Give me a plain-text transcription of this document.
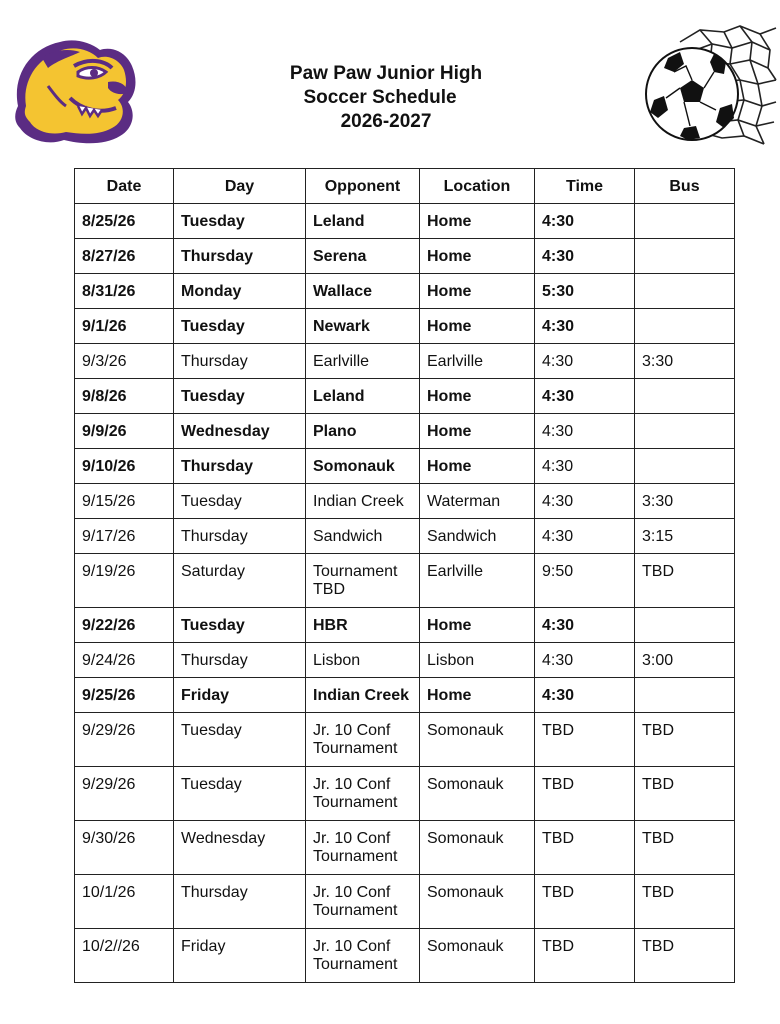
Paw Paw Junior High
Soccer Schedule
2026-2027
Date	Day	Opponent	Location	Time	Bus
8/25/26	Tuesday	Leland	Home	4:30	
8/27/26	Thursday	Serena	Home	4:30	
8/31/26	Monday	Wallace	Home	5:30	
9/1/26	Tuesday	Newark	Home	4:30	
9/3/26	Thursday	Earlville	Earlville	4:30	3:30
9/8/26	Tuesday	Leland	Home	4:30	
9/9/26	Wednesday	Plano	Home	4:30	
9/10/26	Thursday	Somonauk	Home	4:30	
9/15/26	Tuesday	Indian Creek	Waterman	4:30	3:30
9/17/26	Thursday	Sandwich	Sandwich	4:30	3:15
9/19/26	Saturday	Tournament TBD	Earlville	9:50	TBD
9/22/26	Tuesday	HBR	Home	4:30	
9/24/26	Thursday	Lisbon	Lisbon	4:30	3:00
9/25/26	Friday	Indian Creek	Home	4:30	
9/29/26	Tuesday	Jr. 10 Conf Tournament	Somonauk	TBD	TBD
9/29/26	Tuesday	Jr. 10 Conf Tournament	Somonauk	TBD	TBD
9/30/26	Wednesday	Jr. 10 Conf Tournament	Somonauk	TBD	TBD
10/1/26	Thursday	Jr. 10 Conf Tournament	Somonauk	TBD	TBD
10/2//26	Friday	Jr. 10 Conf Tournament	Somonauk	TBD	TBD
